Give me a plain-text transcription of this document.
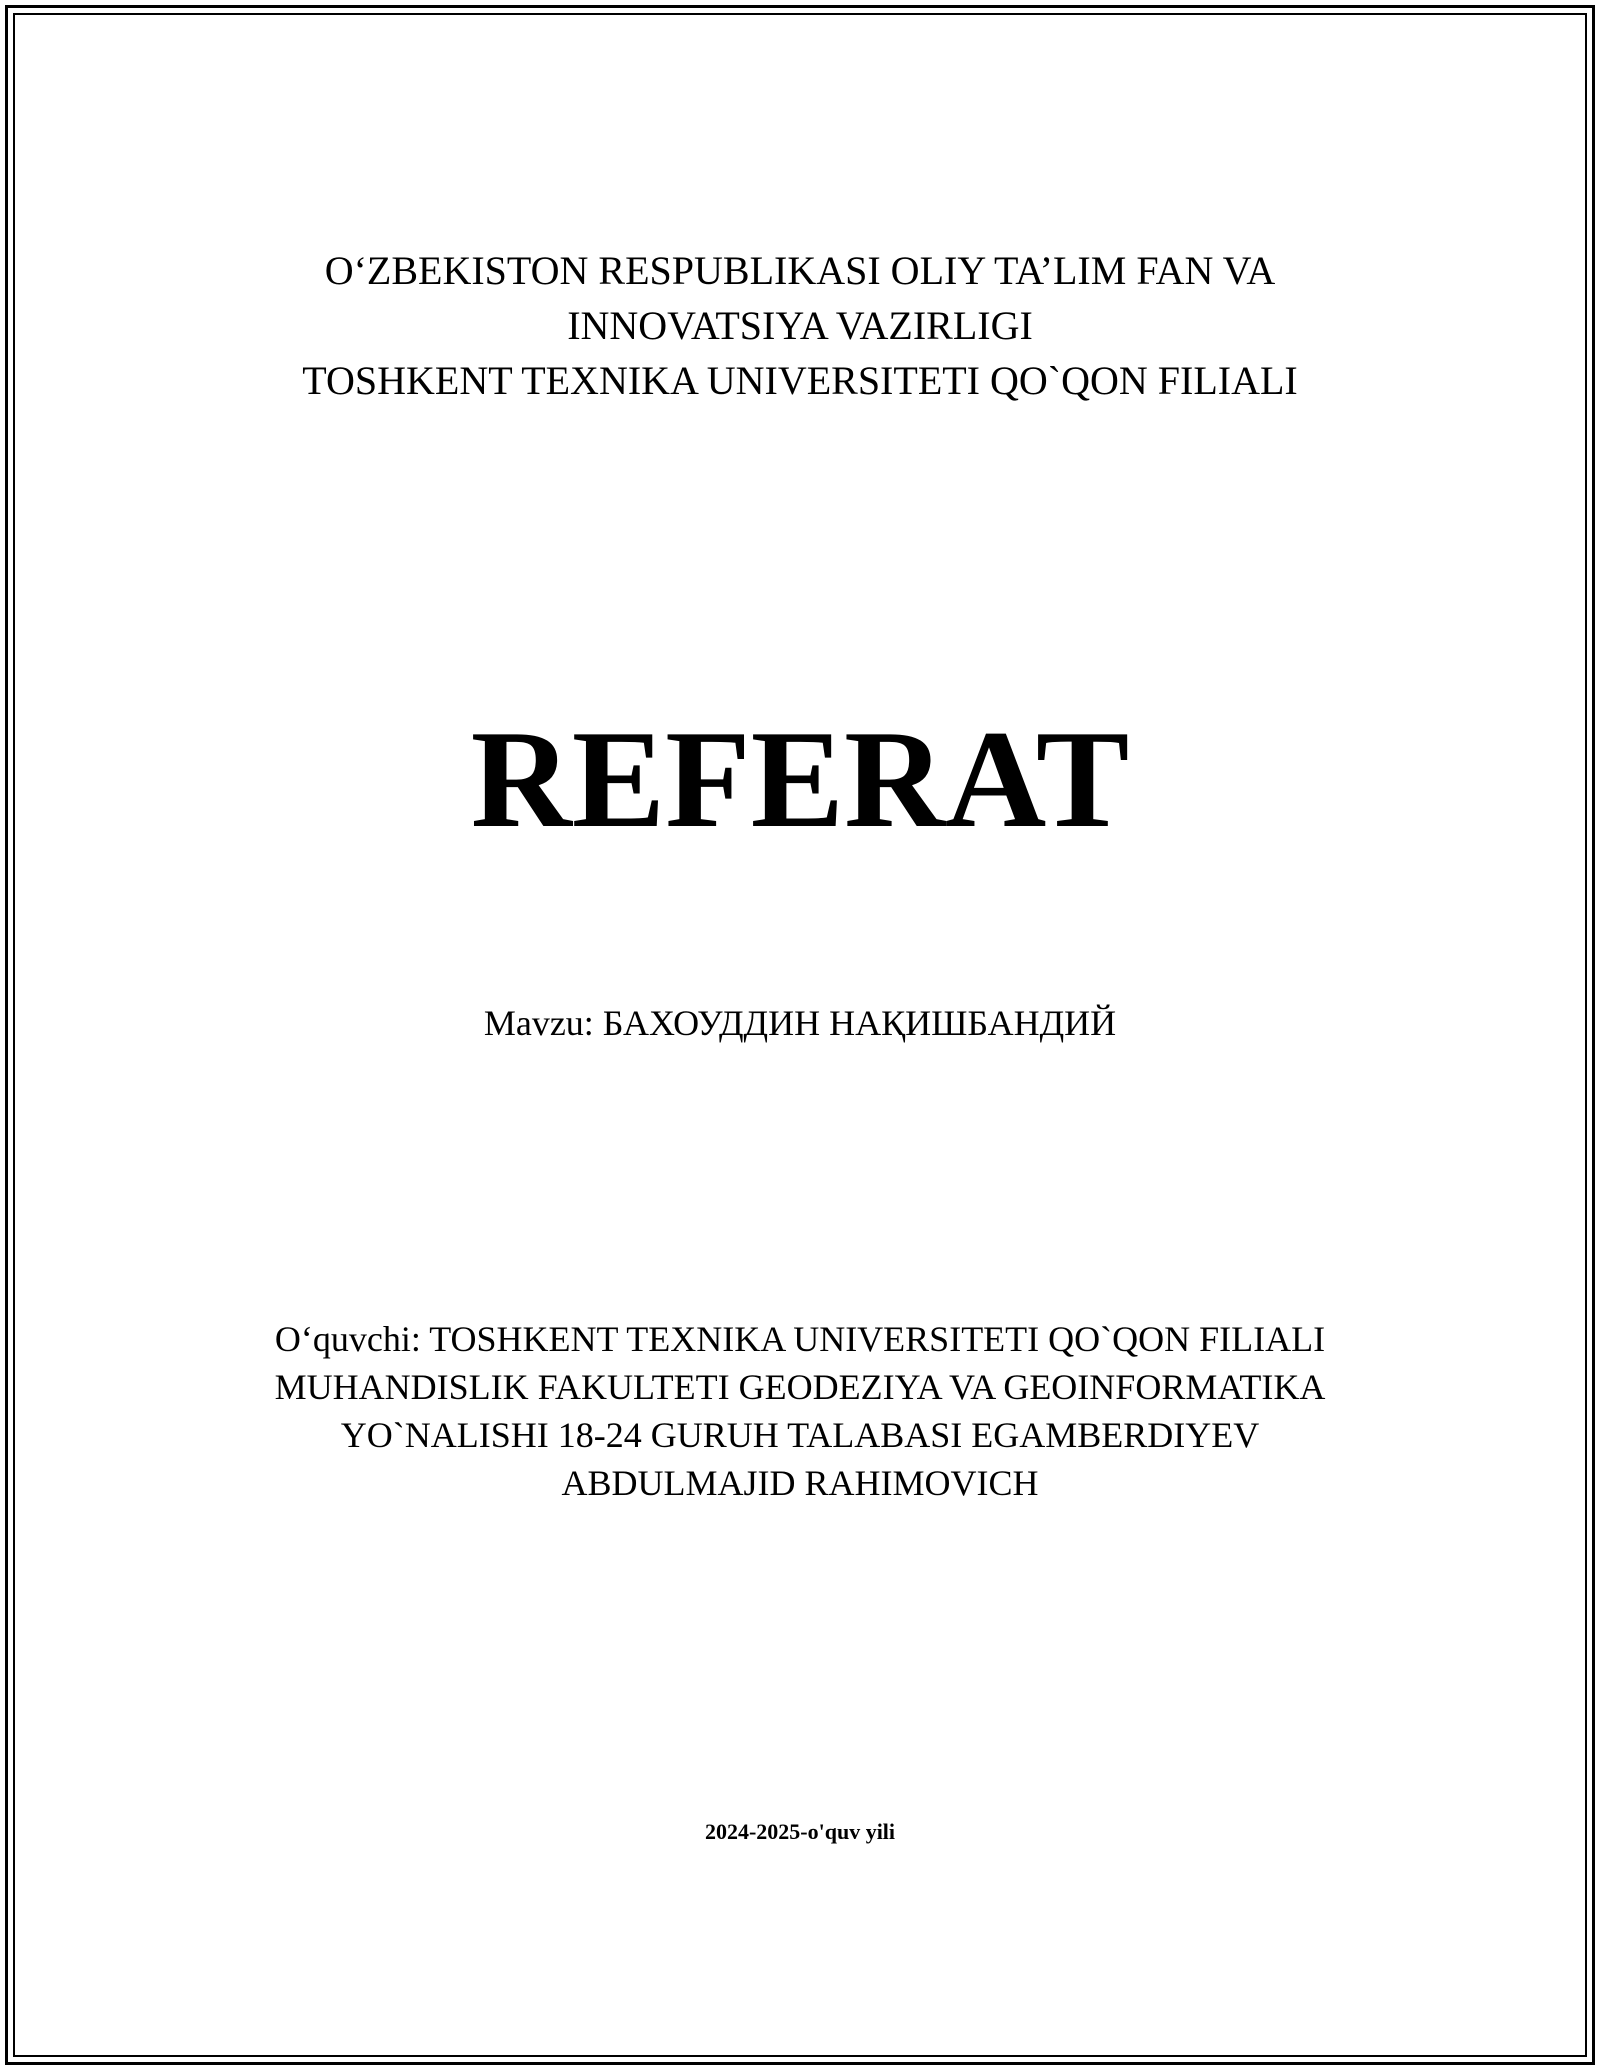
O‘ZBEKISTON RESPUBLIKASI OLIY TA’LIM FAN VA
INNOVATSIYA VAZIRLIGI
TOSHKENT TEXNIKA UNIVERSITETI QO`QON FILIALI
REFERAT
Mavzu: БАХОУДДИН НАҚИШБАНДИЙ
O‘quvchi: TOSHKENT TEXNIKA UNIVERSITETI QO`QON FILIALI
MUHANDISLIK FAKULTETI GEODEZIYA VA GEOINFORMATIKA
YO`NALISHI 18-24 GURUH TALABASI EGAMBERDIYEV
ABDULMAJID RAHIMOVICH
2024-2025-o'quv yili
